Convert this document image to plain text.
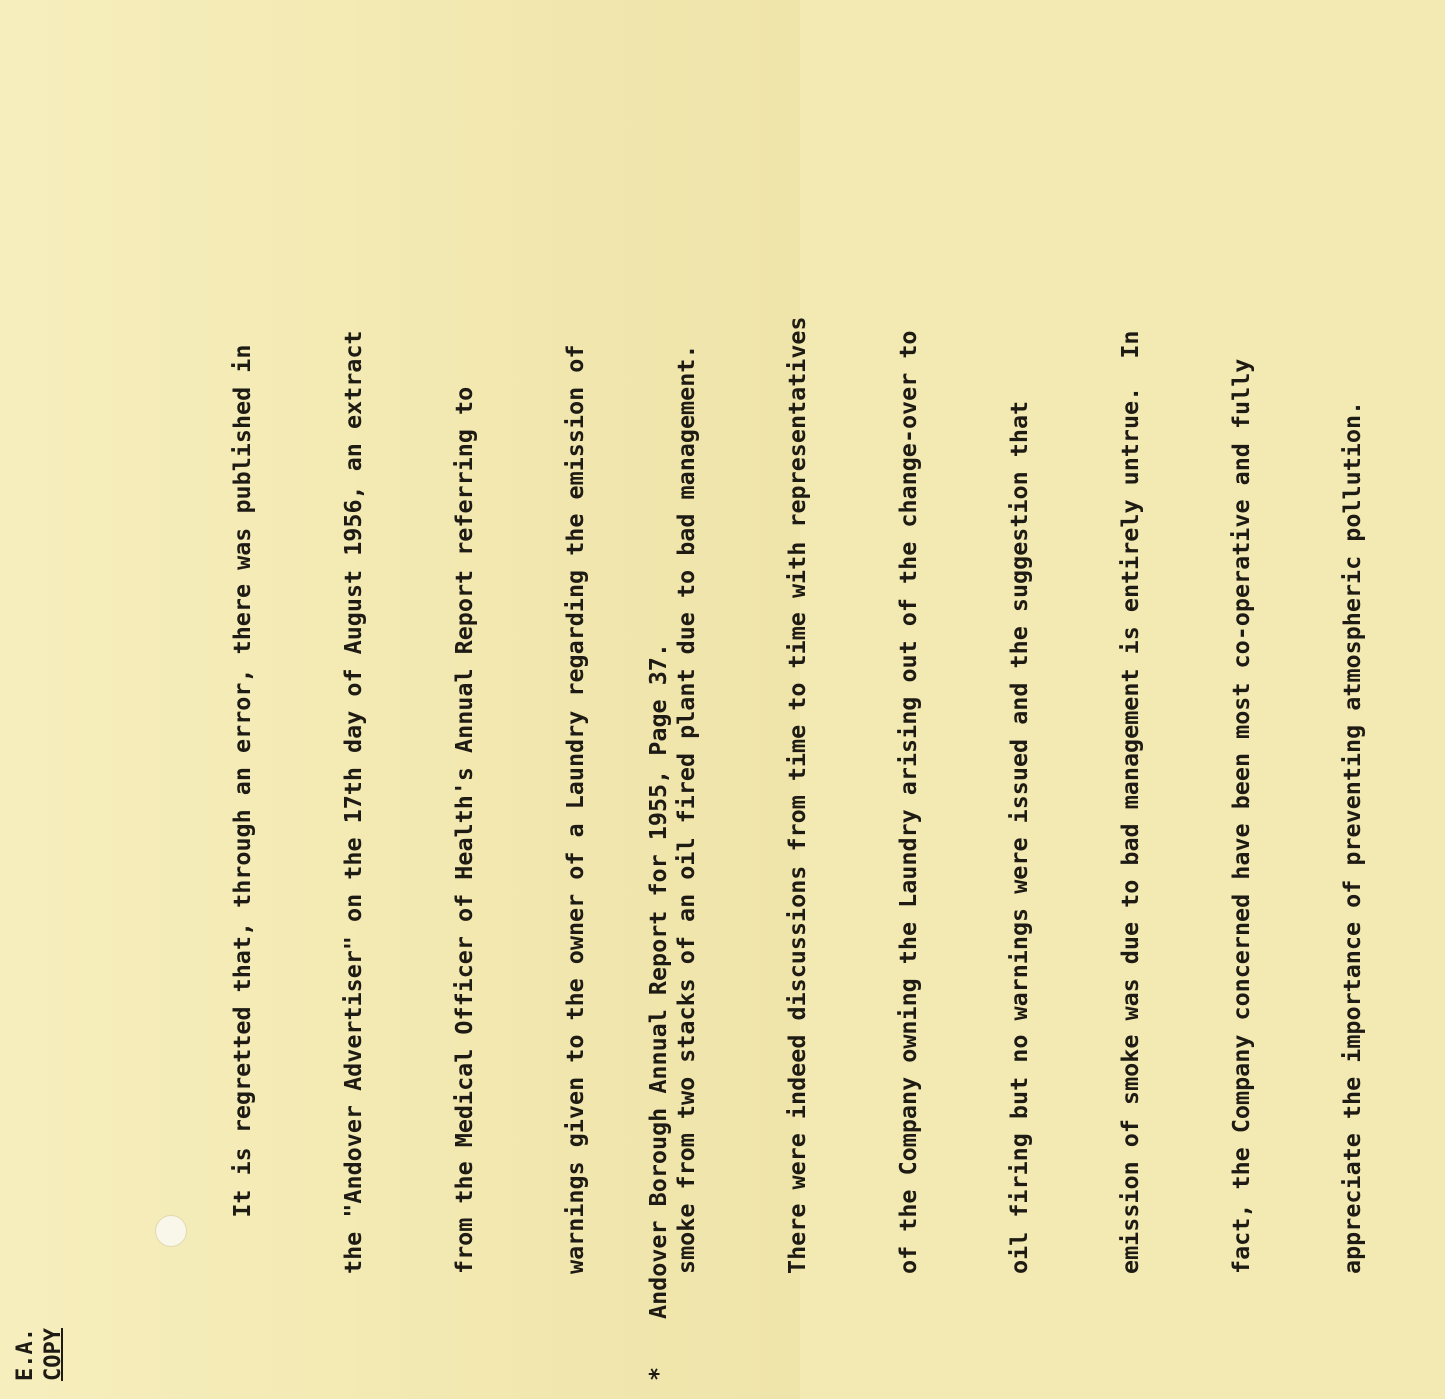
E.A. COPY

It is regretted that, through an error, there was published in

	the "Andover Advertiser" on the 17th day of August 1956, an extract

	from the Medical Officer of Health's Annual Report referring to

	warnings given to the owner of a Laundry regarding the emission of

	smoke from two stacks of an oil fired plant due to bad management.

	There were indeed discussions from time to time with representatives

	of the Company owning the Laundry arising out of the change-over to

	oil firing but no warnings were issued and the suggestion that

	emission of smoke was due to bad management is entirely untrue.  In

	fact, the Company concerned have been most co-operative and fully

	appreciate the importance of preventing atmospheric pollution.

*Andover Borough Annual Report for 1955, Page 37.
